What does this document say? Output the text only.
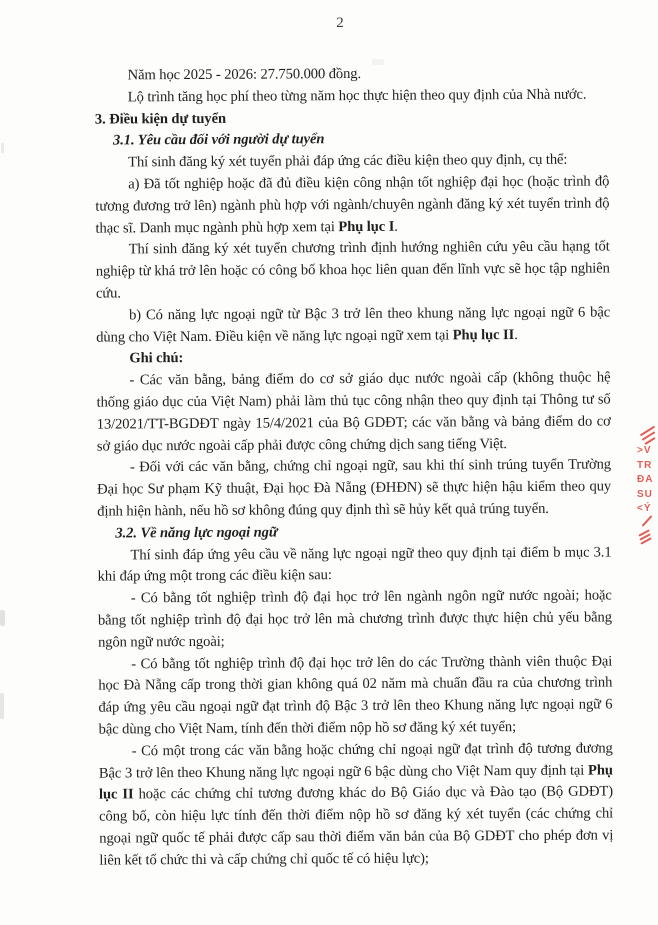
2

Năm học 2025 - 2026: 27.750.000 đồng.

Lộ trình tăng học phí theo từng năm học thực hiện theo quy định của Nhà nước.

3. Điều kiện dự tuyển

3.1. Yêu cầu đối với người dự tuyển

Thí sinh đăng ký xét tuyển phải đáp ứng các điều kiện theo quy định, cụ thể:

a) Đã tốt nghiệp hoặc đã đủ điều kiện công nhận tốt nghiệp đại học (hoặc trình độ tương đương trở lên) ngành phù hợp với ngành/chuyên ngành đăng ký xét tuyển trình độ thạc sĩ. Danh mục ngành phù hợp xem tại Phụ lục I.

Thí sinh đăng ký xét tuyển chương trình định hướng nghiên cứu yêu cầu hạng tốt nghiệp từ khá trở lên hoặc có công bố khoa học liên quan đến lĩnh vực sẽ học tập nghiên cứu.

b) Có năng lực ngoại ngữ từ Bậc 3 trở lên theo khung năng lực ngoại ngữ 6 bậc dùng cho Việt Nam. Điều kiện về năng lực ngoại ngữ xem tại Phụ lục II.

Ghi chú:

- Các văn bằng, bảng điểm do cơ sở giáo dục nước ngoài cấp (không thuộc hệ thống giáo dục của Việt Nam) phải làm thủ tục công nhận theo quy định tại Thông tư số 13/2021/TT-BGDĐT ngày 15/4/2021 của Bộ GDĐT; các văn bằng và bảng điểm do cơ sở giáo dục nước ngoài cấp phải được công chứng dịch sang tiếng Việt.

- Đối với các văn bằng, chứng chỉ ngoại ngữ, sau khi thí sinh trúng tuyển Trường Đại học Sư phạm Kỹ thuật, Đại học Đà Nẵng (ĐHĐN) sẽ thực hiện hậu kiểm theo quy định hiện hành, nếu hồ sơ không đúng quy định thì sẽ hủy kết quả trúng tuyển.

3.2. Về năng lực ngoại ngữ

Thí sinh đáp ứng yêu cầu về năng lực ngoại ngữ theo quy định tại điểm b mục 3.1 khi đáp ứng một trong các điều kiện sau:

- Có bằng tốt nghiệp trình độ đại học trở lên ngành ngôn ngữ nước ngoài; hoặc bằng tốt nghiệp trình độ đại học trở lên mà chương trình được thực hiện chủ yếu bằng ngôn ngữ nước ngoài;

- Có bằng tốt nghiệp trình độ đại học trở lên do các Trường thành viên thuộc Đại học Đà Nẵng cấp trong thời gian không quá 02 năm mà chuẩn đầu ra của chương trình đáp ứng yêu cầu ngoại ngữ đạt trình độ Bậc 3 trở lên theo Khung năng lực ngoại ngữ 6 bậc dùng cho Việt Nam, tính đến thời điểm nộp hồ sơ đăng ký xét tuyển;

- Có một trong các văn bằng hoặc chứng chỉ ngoại ngữ đạt trình độ tương đương Bậc 3 trở lên theo Khung năng lực ngoại ngữ 6 bậc dùng cho Việt Nam quy định tại Phụ lục II hoặc các chứng chỉ tương đương khác do Bộ Giáo dục và Đào tạo (Bộ GDĐT) công bố, còn hiệu lực tính đến thời điểm nộp hồ sơ đăng ký xét tuyển (các chứng chỉ ngoại ngữ quốc tế phải được cấp sau thời điểm văn bản của Bộ GDĐT cho phép đơn vị liên kết tổ chức thi và cấp chứng chỉ quốc tế có hiệu lực);

>V
TR
ĐA
SU
<Ý
